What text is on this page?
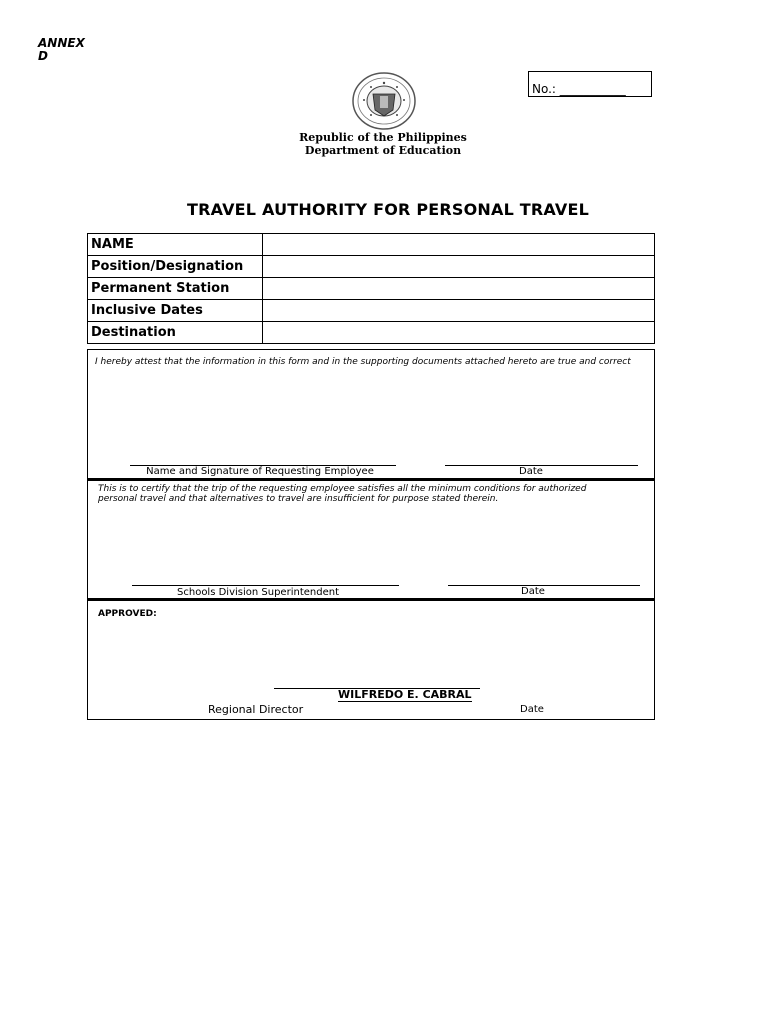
ANNEX
D
No.: ___________
Republic of the Philippines
Department of Education
TRAVEL AUTHORITY FOR PERSONAL TRAVEL
NAME	
Position/Designation	
Permanent Station	
Inclusive Dates	
Destination	
I hereby attest that the information in this form and in the supporting documents attached hereto are true and correct
Name and Signature of Requesting Employee	Date
This is to certify that the trip of the requesting employee satisfies all the minimum conditions for authorized personal travel and that alternatives to travel are insufficient for purpose stated therein.
Schools Division Superintendent	Date
APPROVED:
WILFREDO E. CABRAL
Regional Director	Date
